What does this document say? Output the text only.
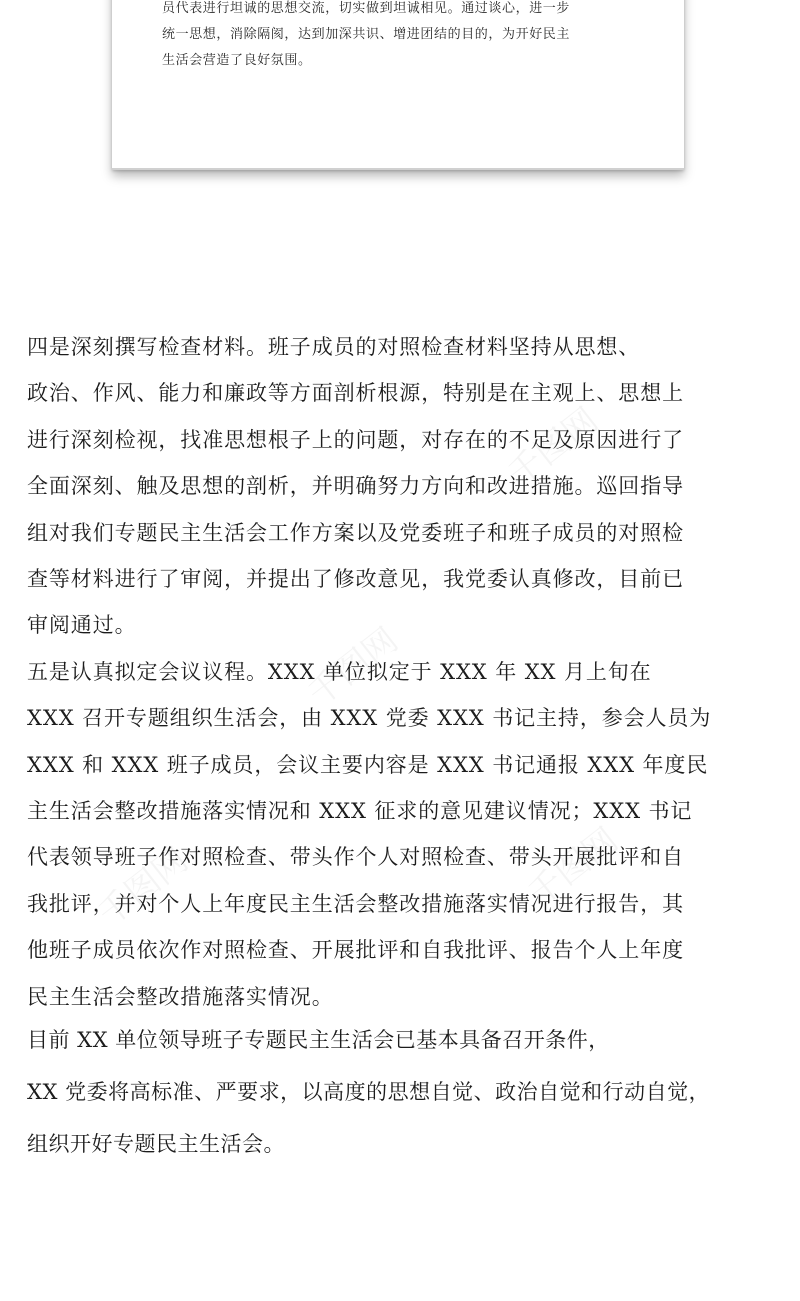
员代表进行坦诚的思想交流，切实做到坦诚相见。通过谈心，进一步

统一思想，消除隔阂，达到加深共识、增进团结的目的，为开好民主

生活会营造了良好氛围。

四是深刻撰写检查材料。班子成员的对照检查材料坚持从思想、

政治、作风、能力和廉政等方面剖析根源，特别是在主观上、思想上

进行深刻检视，找准思想根子上的问题，对存在的不足及原因进行了

全面深刻、触及思想的剖析，并明确努力方向和改进措施。巡回指导

组对我们专题民主生活会工作方案以及党委班子和班子成员的对照检

查等材料进行了审阅，并提出了修改意见，我党委认真修改，目前已

审阅通过。

五是认真拟定会议议程。XXX 单位拟定于 XXX 年 XX 月上旬在

XXX 召开专题组织生活会，由 XXX 党委 XXX 书记主持，参会人员为

XXX 和 XXX 班子成员，会议主要内容是 XXX 书记通报 XXX 年度民

主生活会整改措施落实情况和 XXX 征求的意见建议情况；XXX 书记

代表领导班子作对照检查、带头作个人对照检查、带头开展批评和自

我批评，并对个人上年度民主生活会整改措施落实情况进行报告，其

他班子成员依次作对照检查、开展批评和自我批评、报告个人上年度

民主生活会整改措施落实情况。

目前 XX 单位领导班子专题民主生活会已基本具备召开条件，

XX 党委将高标准、严要求，以高度的思想自觉、政治自觉和行动自觉，

组织开好专题民主生活会。
